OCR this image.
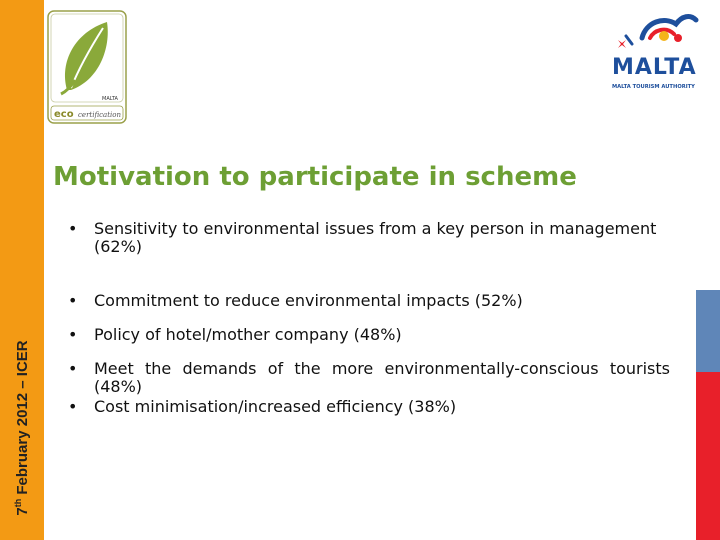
7th February 2012 – ICER
MALTA
eco certification
MALTA
MALTA TOURISM AUTHORITY
Motivation to participate in scheme
• Sensitivity to environmental issues from a key person in management (62%)
• Commitment to reduce environmental impacts (52%)
• Policy of hotel/mother company (48%)
• Meet the demands of the more environmentally-conscious tourists (48%)
• Cost minimisation/increased efficiency (38%)
